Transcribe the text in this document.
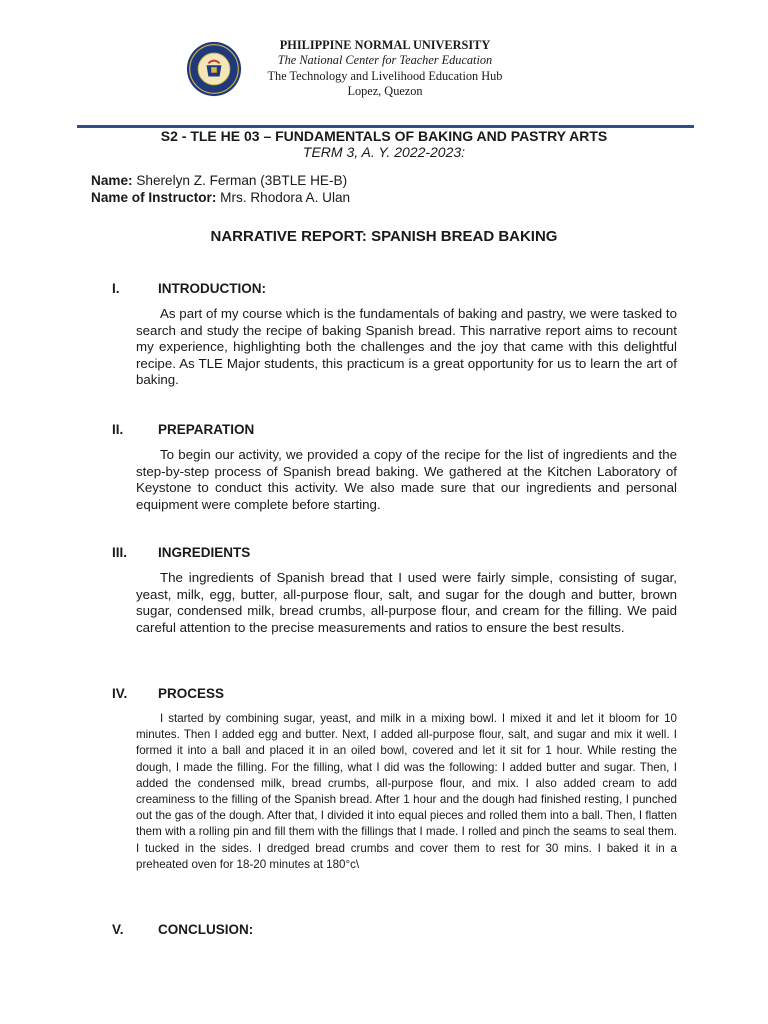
PHILIPPINE NORMAL UNIVERSITY
The National Center for Teacher Education
The Technology and Livelihood Education Hub
Lopez, Quezon
S2 - TLE HE 03 – FUNDAMENTALS OF BAKING AND PASTRY ARTS
TERM 3, A. Y. 2022-2023:
Name: Sherelyn Z. Ferman (3BTLE HE-B)
Name of Instructor: Mrs. Rhodora A. Ulan
NARRATIVE REPORT: SPANISH BREAD BAKING
I.	INTRODUCTION:
As part of my course which is the fundamentals of baking and pastry, we were tasked to search and study the recipe of baking Spanish bread. This narrative report aims to recount my experience, highlighting both the challenges and the joy that came with this delightful recipe. As TLE Major students, this practicum is a great opportunity for us to learn the art of baking.
II.	PREPARATION
To begin our activity, we provided a copy of the recipe for the list of ingredients and the step-by-step process of Spanish bread baking. We gathered at the Kitchen Laboratory of Keystone to conduct this activity. We also made sure that our ingredients and personal equipment were complete before starting.
III. INGREDIENTS
The ingredients of Spanish bread that I used were fairly simple, consisting of sugar, yeast, milk, egg, butter, all-purpose flour, salt, and sugar for the dough and butter, brown sugar, condensed milk, bread crumbs, all-purpose flour, and cream for the filling. We paid careful attention to the precise measurements and ratios to ensure the best results.
IV. PROCESS
I started by combining sugar, yeast, and milk in a mixing bowl. I mixed it and let it bloom for 10 minutes. Then I added egg and butter. Next, I added all-purpose flour, salt, and sugar and mix it well. I formed it into a ball and placed it in an oiled bowl, covered and let it sit for 1 hour. While resting the dough, I made the filling. For the filling, what I did was the following: I added butter and sugar. Then, I added the condensed milk, bread crumbs, all-purpose flour, and mix. I also added cream to add creaminess to the filling of the Spanish bread. After 1 hour and the dough had finished resting, I punched out the gas of the dough. After that, I divided it into equal pieces and rolled them into a ball. Then, I flatten them with a rolling pin and fill them with the fillings that I made. I rolled and pinch the seams to seal them. I tucked in the sides. I dredged bread crumbs and cover them to rest for 30 mins. I baked it in a preheated oven for 18-20 minutes at 180°c\
V.	CONCLUSION:
